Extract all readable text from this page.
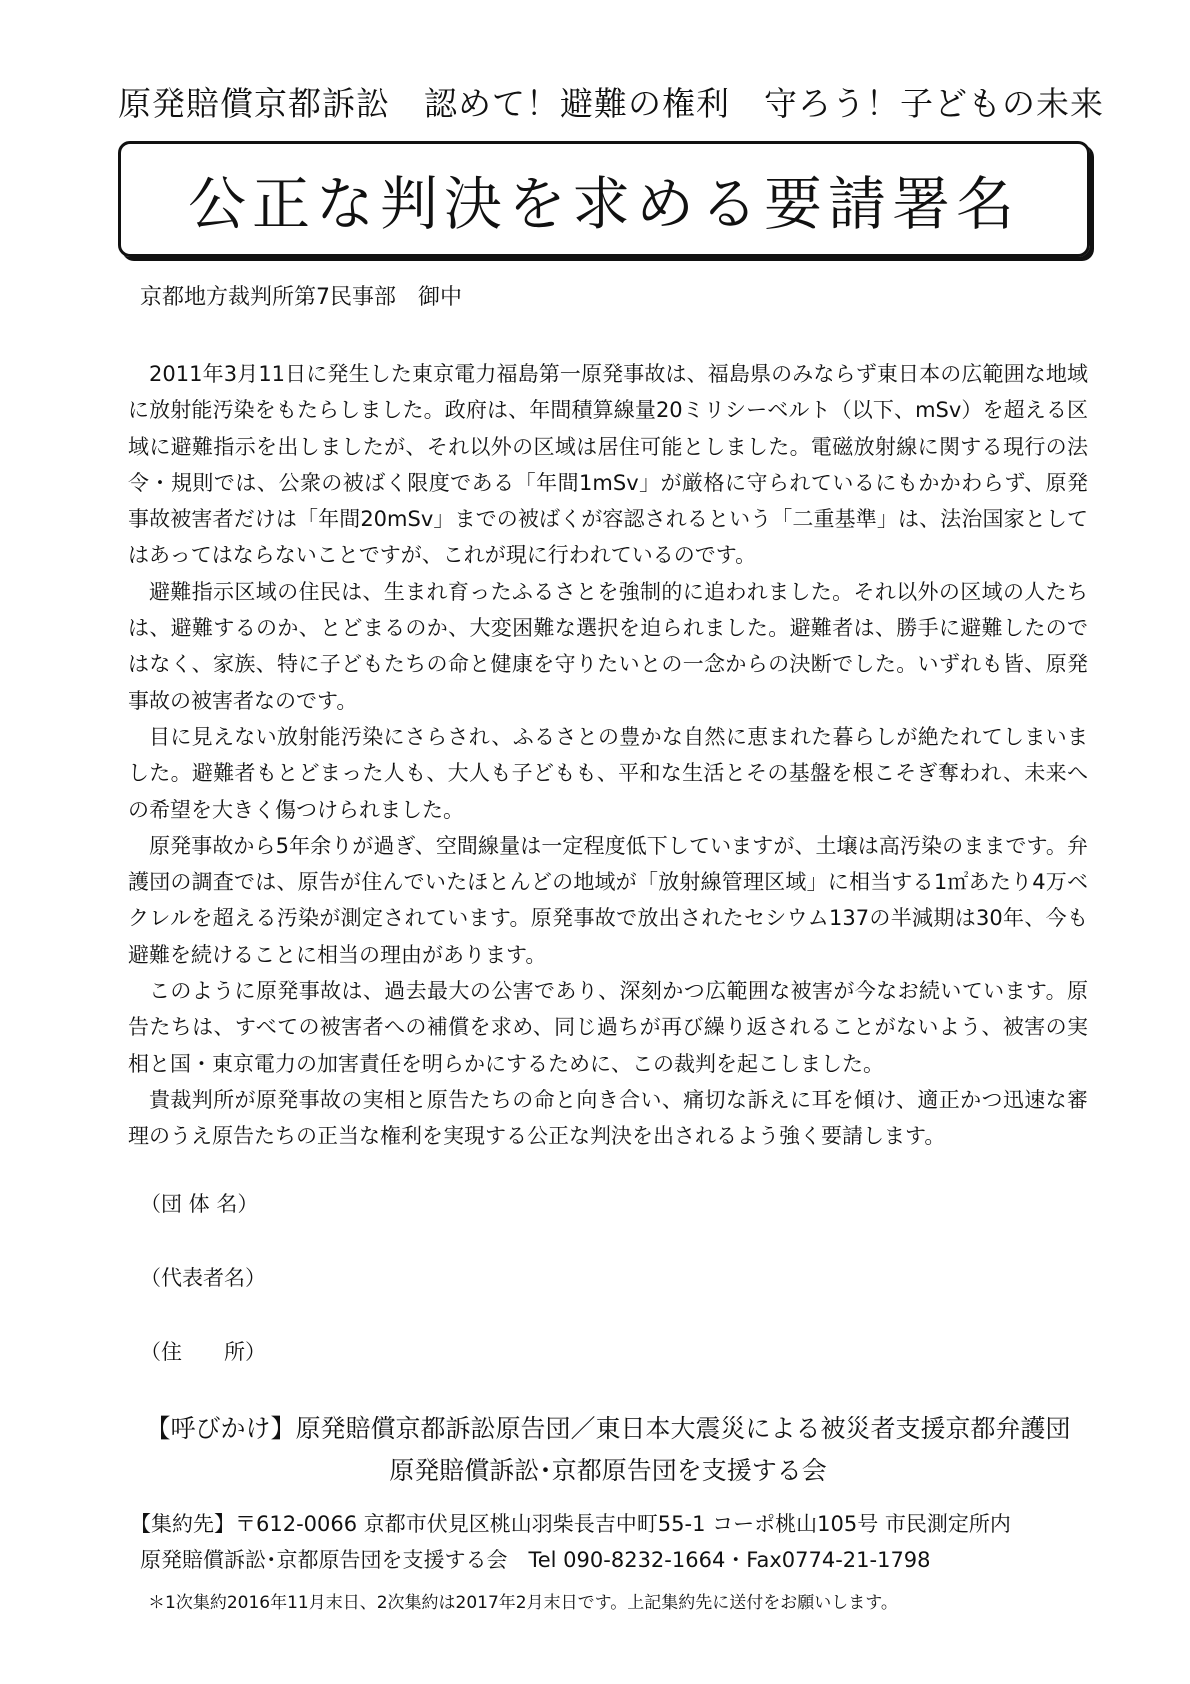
原発賠償京都訴訟　認めて！避難の権利　守ろう！子どもの未来
公正な判決を求める要請署名
京都地方裁判所第7民事部　御中

2011年3月11日に発生した東京電力福島第一原発事故は、福島県のみならず東日本の広範囲な地域に放射能汚染をもたらしました。政府は、年間積算線量20ミリシーベルト（以下、mSv）を超える区域に避難指示を出しましたが、それ以外の区域は居住可能としました。電磁放射線に関する現行の法令・規則では、公衆の被ばく限度である「年間1mSv」が厳格に守られているにもかかわらず、原発事故被害者だけは「年間20mSv」までの被ばくが容認されるという「二重基準」は、法治国家としてはあってはならないことですが、これが現に行われているのです。

避難指示区域の住民は、生まれ育ったふるさとを強制的に追われました。それ以外の区域の人たちは、避難するのか、とどまるのか、大変困難な選択を迫られました。避難者は、勝手に避難したのではなく、家族、特に子どもたちの命と健康を守りたいとの一念からの決断でした。いずれも皆、原発事故の被害者なのです。

目に見えない放射能汚染にさらされ、ふるさとの豊かな自然に恵まれた暮らしが絶たれてしまいました。避難者もとどまった人も、大人も子どもも、平和な生活とその基盤を根こそぎ奪われ、未来への希望を大きく傷つけられました。

原発事故から5年余りが過ぎ、空間線量は一定程度低下していますが、土壌は高汚染のままです。弁護団の調査では、原告が住んでいたほとんどの地域が「放射線管理区域」に相当する1㎡あたり4万ベクレルを超える汚染が測定されています。原発事故で放出されたセシウム137の半減期は30年、今も避難を続けることに相当の理由があります。

このように原発事故は、過去最大の公害であり、深刻かつ広範囲な被害が今なお続いています。原告たちは、すべての被害者への補償を求め、同じ過ちが再び繰り返されることがないよう、被害の実相と国・東京電力の加害責任を明らかにするために、この裁判を起こしました。

貴裁判所が原発事故の実相と原告たちの命と向き合い、痛切な訴えに耳を傾け、適正かつ迅速な審理のうえ原告たちの正当な権利を実現する公正な判決を出されるよう強く要請します。

（団 体 名）
（代表者名）
（住　　所）
【呼びかけ】原発賠償京都訴訟原告団／東日本大震災による被災者支援京都弁護団
原発賠償訴訟･京都原告団を支援する会
【集約先】〒612-0066 京都市伏見区桃山羽柴長吉中町55-1 コーポ桃山105号 市民測定所内
原発賠償訴訟･京都原告団を支援する会　Tel 090-8232-1664・Fax0774-21-1798
＊1次集約2016年11月末日、2次集約は2017年2月末日です。上記集約先に送付をお願いします。
